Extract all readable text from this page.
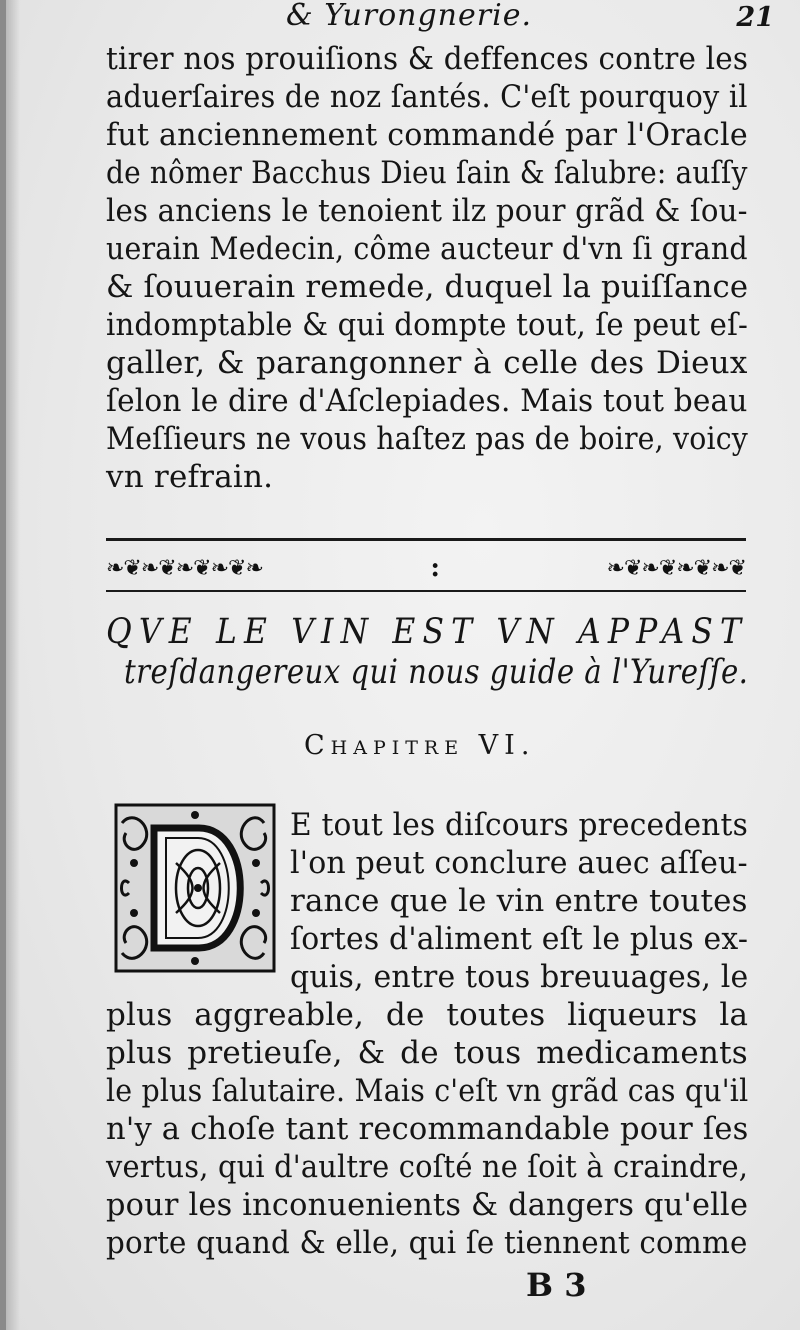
& Yurongnerie.	21
tirer nos prouiſions & deffences contre les
aduerſaires de noz ſantés. C'eſt pourquoy il
fut anciennement commandé par l'Oracle
de nômer Bacchus Dieu ſain & ſalubre: auſſy
les anciens le tenoient ilz pour grãd & ſou-
uerain Medecin, côme aucteur d'vn ſi grand
& ſouuerain remede, duquel la puiſſance
indomptable & qui dompte tout, ſe peut eſ-
galler, & parangonner à celle des Dieux
ſelon le dire d'Aſclepiades. Mais tout beau
Meſſieurs ne vous haſtez pas de boire, voicy
vn refrain.
❧❦❧❦❧❦❧❦❧	:	❧❦❧❦❧❦❧❦
QVE LE VIN EST VN APPAST
treſdangereux qui nous guide à l'Yureſſe.
Chapitre VI.
E tout les diſcours precedents
l'on peut conclure auec aſſeu-
rance que le vin entre toutes
ſortes d'aliment eſt le plus ex-
quis, entre tous breuuages, le
plus aggreable, de toutes liqueurs la
plus pretieuſe, & de tous medicaments
le plus ſalutaire. Mais c'eſt vn grãd cas qu'il
n'y a choſe tant recommandable pour ſes
vertus, qui d'aultre coſté ne ſoit à craindre,
pour les inconuenients & dangers qu'elle
porte quand & elle, qui ſe tiennent comme
B 3
